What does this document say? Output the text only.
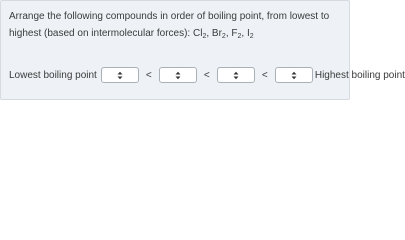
Arrange the following compounds in order of boiling point, from lowest to highest (based on intermolecular forces): $Cl_2$, $Br_2$, $F_2$, $I_2$

Lowest boiling point	<	<	<	Highest boiling point
